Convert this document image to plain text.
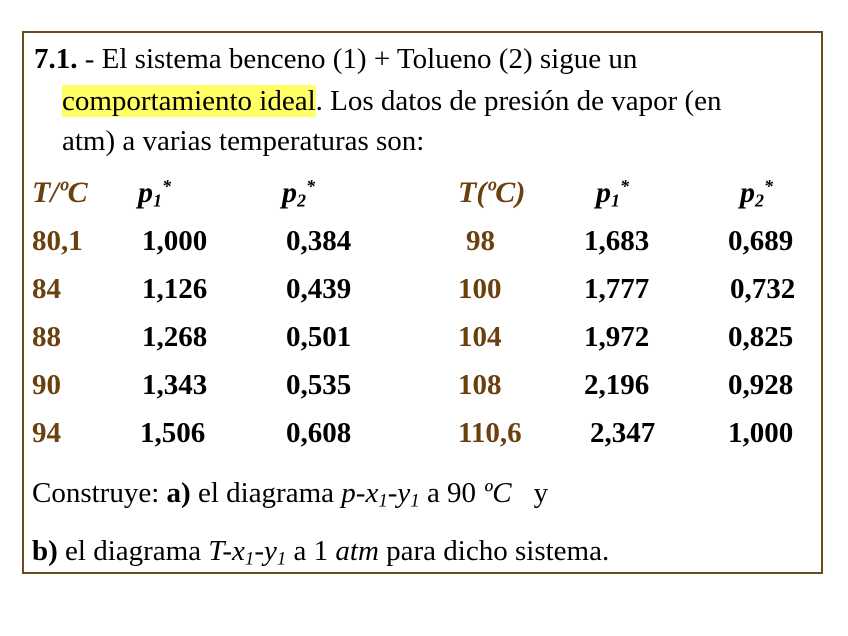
7.1. - El sistema benceno (1) + Tolueno (2) sigue un
comportamiento ideal. Los datos de presión de vapor (en
atm) a varias temperaturas son:
T/ºC $p_1^*$	$p_2^*$	T(ºC) $p_1^*$	$p_2^*$
80,1 1,000	0,384	98	1,683	0,689
84	1,126	0,439	100	1,777	0,732
88	1,268	0,501	104	1,972	0,825
90	1,343	0,535	108	2,196	0,928
94	1,506	0,608	110,6 2,347	1,000
Construye: a) el diagrama $p-x_1-y_1$ a 90 ºC y
b) el diagrama $T-x_1-y_1$ a 1 atm para dicho sistema.
